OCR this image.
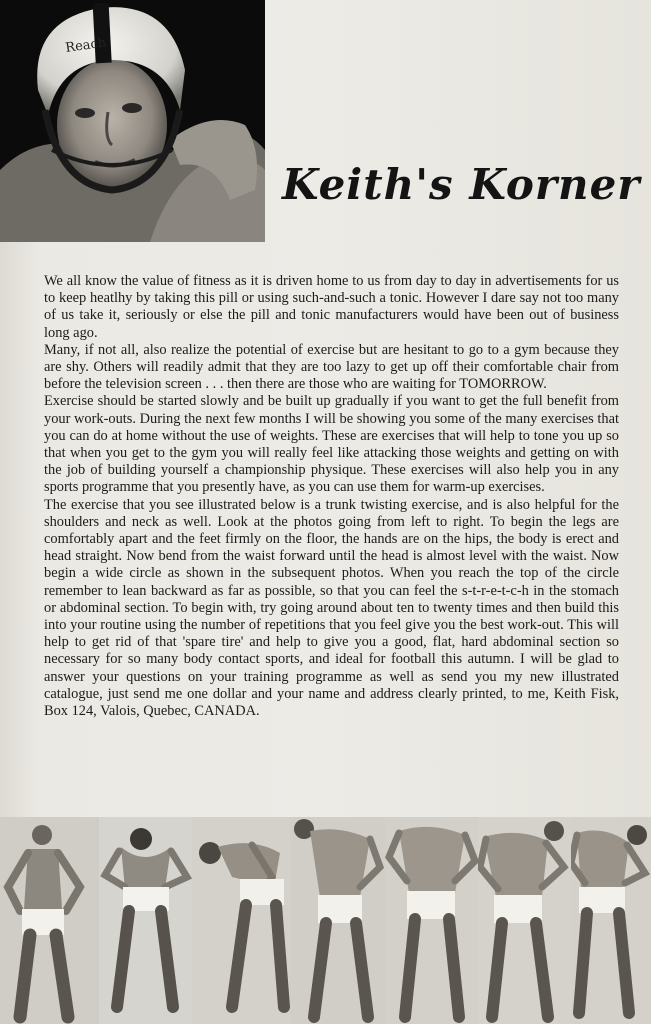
Reach
Keith's Korner

We all know the value of fitness as it is driven home to us from day to day in advertisements for us to keep heatlhy by taking this pill or using such-and-such a tonic. However I dare say not too many of us take it, seriously or else the pill and tonic manufacturers would have been out of business long ago.

Many, if not all, also realize the potential of exercise but are hesitant to go to a gym because they are shy. Others will readily admit that they are too lazy to get up off their comfortable chair from before the television screen . . . then there are those who are waiting for TOMORROW.

Exercise should be started slowly and be built up gradually if you want to get the full benefit from your work-outs. During the next few months I will be showing you some of the many exercises that you can do at home without the use of weights. These are exercises that will help to tone you up so that when you get to the gym you will really feel like attacking those weights and getting on with the job of building yourself a championship physique. These exercises will also help you in any sports programme that you presently have, as you can use them for warm-up exercises.

The exercise that you see illustrated below is a trunk twisting exercise, and is also helpful for the shoulders and neck as well. Look at the photos going from left to right. To begin the legs are comfortably apart and the feet firmly on the floor, the hands are on the hips, the body is erect and head straight. Now bend from the waist forward until the head is almost level with the waist. Now begin a wide circle as shown in the subsequent photos. When you reach the top of the circle remember to lean backward as far as possible, so that you can feel the s-t-r-e-t-c-h in the stomach or abdominal section. To begin with, try going around about ten to twenty times and then build this into your routine using the number of repetitions that you feel give you the best work-out. This will help to get rid of that 'spare tire' and help to give you a good, flat, hard abdominal section so necessary for so many body contact sports, and ideal for football this autumn. I will be glad to answer your questions on your training programme as well as send you my new illustrated catalogue, just send me one dollar and your name and address clearly printed, to me, Keith Fisk, Box 124, Valois, Quebec, CANADA.
